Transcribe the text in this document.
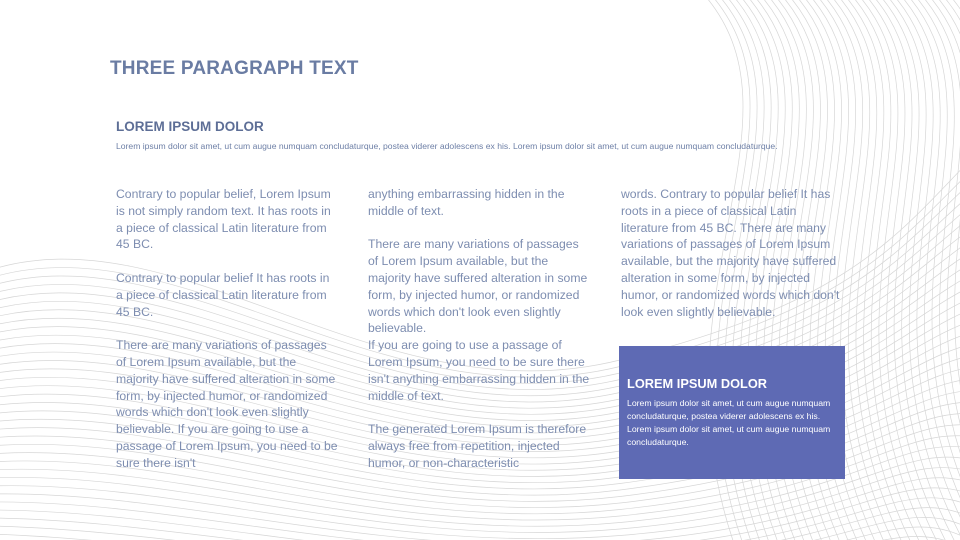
THREE PARAGRAPH TEXT
LOREM IPSUM DOLOR
Lorem ipsum dolor sit amet, ut cum augue numquam concludaturque, postea viderer adolescens ex his. Lorem ipsum dolor sit amet, ut cum augue numquam concludaturque.

Contrary to popular belief, Lorem Ipsum is not simply random text. It has roots in a piece of classical Latin literature from 45 BC.

Contrary to popular belief It has roots in a piece of classical Latin literature from 45 BC.

There are many variations of passages of Lorem Ipsum available, but the majority have suffered alteration in some form, by injected humor, or randomized words which don't look even slightly believable. If you are going to use a passage of Lorem Ipsum, you need to be sure there isn't

anything embarrassing hidden in the middle of text.

There are many variations of passages of Lorem Ipsum available, but the majority have suffered alteration in some form, by injected humor, or randomized words which don't look even slightly believable.

If you are going to use a passage of Lorem Ipsum, you need to be sure there isn't anything embarrassing hidden in the middle of text.

The generated Lorem Ipsum is therefore always free from repetition, injected humor, or non-characteristic

words. Contrary to popular belief It has roots in a piece of classical Latin literature from 45 BC. There are many variations of passages of Lorem Ipsum available, but the majority have suffered alteration in some form, by injected humor, or randomized words which don't look even slightly believable.

LOREM IPSUM DOLOR
Lorem ipsum dolor sit amet, ut cum augue numquam concludaturque, postea viderer adolescens ex his. Lorem ipsum dolor sit amet, ut cum augue numquam concludaturque.
